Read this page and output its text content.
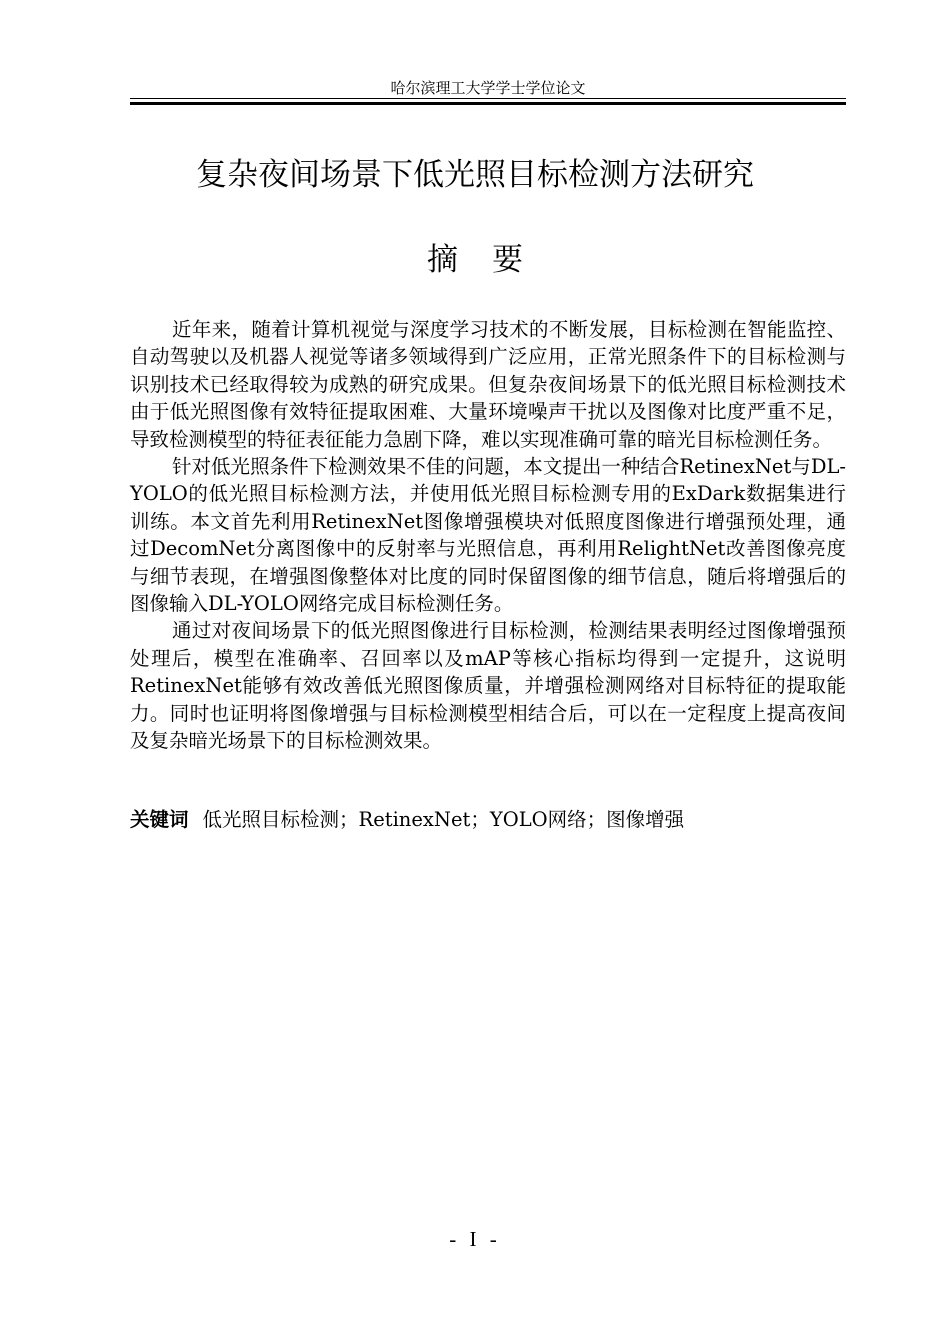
哈尔滨理工大学学士学位论文
复杂夜间场景下低光照目标检测方法研究
摘要

近年来，随着计算机视觉与深度学习技术的不断发展，目标检测在智能监控、自动驾驶以及机器人视觉等诸多领域得到广泛应用，正常光照条件下的目标检测与识别技术已经取得较为成熟的研究成果。但复杂夜间场景下的低光照目标检测技术由于低光照图像有效特征提取困难、大量环境噪声干扰以及图像对比度严重不足，导致检测模型的特征表征能力急剧下降，难以实现准确可靠的暗光目标检测任务。

针对低光照条件下检测效果不佳的问题，本文提出一种结合RetinexNet与DL-YOLO的低光照目标检测方法，并使用低光照目标检测专用的ExDark数据集进行训练。本文首先利用RetinexNet图像增强模块对低照度图像进行增强预处理，通过DecomNet分离图像中的反射率与光照信息，再利用RelightNet改善图像亮度与细节表现，在增强图像整体对比度的同时保留图像的细节信息，随后将增强后的图像输入DL-YOLO网络完成目标检测任务。

通过对夜间场景下的低光照图像进行目标检测，检测结果表明经过图像增强预处理后，模型在准确率、召回率以及mAP等核心指标均得到一定提升，这说明RetinexNet能够有效改善低光照图像质量，并增强检测网络对目标特征的提取能力。同时也证明将图像增强与目标检测模型相结合后，可以在一定程度上提高夜间及复杂暗光场景下的目标检测效果。

关键词 低光照目标检测；RetinexNet；YOLO网络；图像增强
- I -
